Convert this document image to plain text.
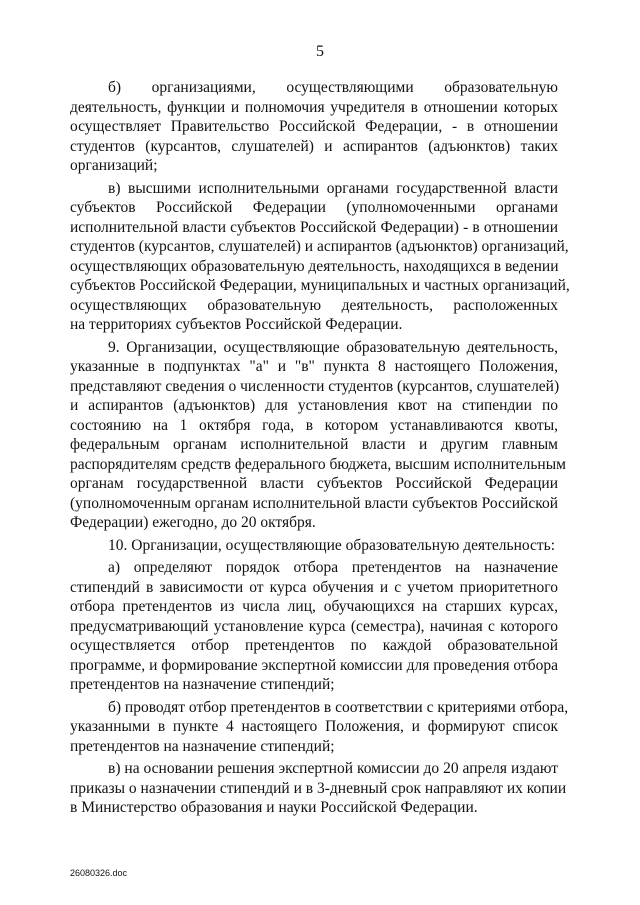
5
б) организациями, осуществляющими образовательную
деятельность, функции и полномочия учредителя в отношении которых
осуществляет Правительство Российской Федерации, - в отношении
студентов (курсантов, слушателей) и аспирантов (адъюнктов) таких
организаций;
в) высшими исполнительными органами государственной власти
субъектов Российской Федерации (уполномоченными органами
исполнительной власти субъектов Российской Федерации) - в отношении
студентов (курсантов, слушателей) и аспирантов (адъюнктов) организаций,
осуществляющих образовательную деятельность, находящихся в ведении
субъектов Российской Федерации, муниципальных и частных организаций,
осуществляющих образовательную деятельность, расположенных
на территориях субъектов Российской Федерации.
9. Организации, осуществляющие образовательную деятельность,
указанные в подпунктах "а" и "в" пункта 8 настоящего Положения,
представляют сведения о численности студентов (курсантов, слушателей)
и аспирантов (адъюнктов) для установления квот на стипендии по
состоянию на 1 октября года, в котором устанавливаются квоты,
федеральным органам исполнительной власти и другим главным
распорядителям средств федерального бюджета, высшим исполнительным
органам государственной власти субъектов Российской Федерации
(уполномоченным органам исполнительной власти субъектов Российской
Федерации) ежегодно, до 20 октября.
10. Организации, осуществляющие образовательную деятельность:
а) определяют порядок отбора претендентов на назначение
стипендий в зависимости от курса обучения и с учетом приоритетного
отбора претендентов из числа лиц, обучающихся на старших курсах,
предусматривающий установление курса (семестра), начиная с которого
осуществляется отбор претендентов по каждой образовательной
программе, и формирование экспертной комиссии для проведения отбора
претендентов на назначение стипендий;
б) проводят отбор претендентов в соответствии с критериями отбора,
указанными в пункте 4 настоящего Положения, и формируют список
претендентов на назначение стипендий;
в) на основании решения экспертной комиссии до 20 апреля издают
приказы о назначении стипендий и в 3-дневный срок направляют их копии
в Министерство образования и науки Российской Федерации.
26080326.doc
